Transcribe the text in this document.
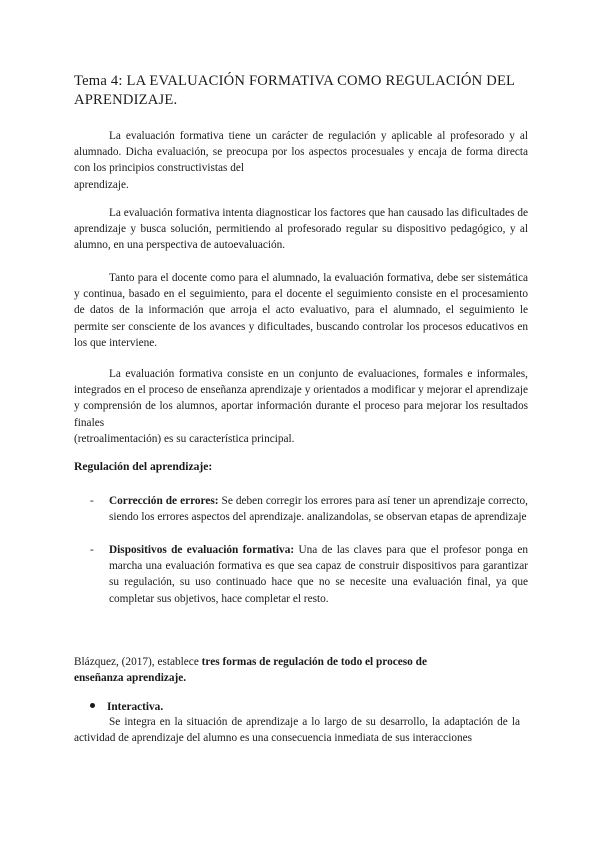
Tema 4: LA EVALUACIÓN FORMATIVA COMO REGULACIÓN DEL APRENDIZAJE.
La evaluación formativa tiene un carácter de regulación y aplicable al profesorado y al alumnado. Dicha evaluación, se preocupa por los aspectos procesuales y encaja de forma directa con los principios constructivistas del
aprendizaje.
La evaluación formativa intenta diagnosticar los factores que han causado las dificultades de aprendizaje y busca solución, permitiendo al profesorado regular su dispositivo pedagógico, y al alumno, en una perspectiva de autoevaluación.
Tanto para el docente como para el alumnado, la evaluación formativa, debe ser sistemática y continua, basado en el seguimiento, para el docente el seguimiento consiste en el procesamiento de datos de la información que arroja el acto evaluativo, para el alumnado, el seguimiento le permite ser consciente de los avances y dificultades, buscando controlar los procesos educativos en los que interviene.
La evaluación formativa consiste en un conjunto de evaluaciones, formales e informales, integrados en el proceso de enseñanza aprendizaje y orientados a modificar y mejorar el aprendizaje y comprensión de los alumnos, aportar información durante el proceso para mejorar los resultados finales
(retroalimentación) es su característica principal.
Regulación del aprendizaje:
- Corrección de errores: Se deben corregir los errores para así tener un aprendizaje correcto, siendo los errores aspectos del aprendizaje. analizandolas, se observan etapas de aprendizaje
- Dispositivos de evaluación formativa: Una de las claves para que el profesor ponga en marcha una evaluación formativa es que sea capaz de construir dispositivos para garantizar su regulación, su uso continuado hace que no se necesite una evaluación final, ya que completar sus objetivos, hace completar el resto.
Blázquez, (2017), establece tres formas de regulación de todo el proceso de
enseñanza aprendizaje.
Interactiva.
Se integra en la situación de aprendizaje a lo largo de su desarrollo, la adaptación de la actividad de aprendizaje del alumno es una consecuencia inmediata de sus interacciones
